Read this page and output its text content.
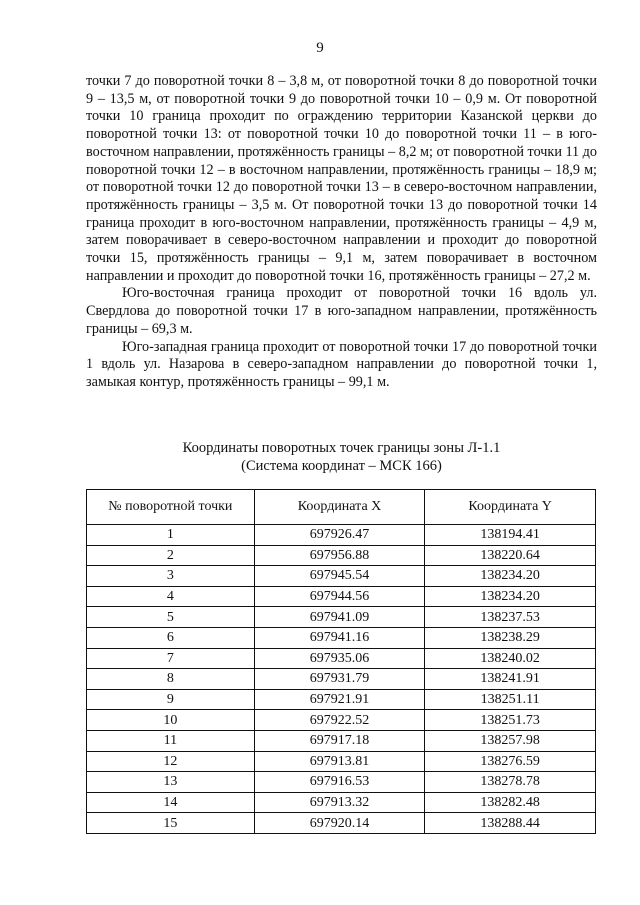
9

точки 7 до поворотной точки 8 – 3,8 м, от поворотной точки 8 до поворотной точки 9 – 13,5 м, от поворотной точки 9 до поворотной точки 10 – 0,9 м. От поворотной точки 10 граница проходит по ограждению территории Казанской церкви до поворотной точки 13: от поворотной точки 10 до поворотной точки 11 – в юго-восточном направлении, протяжённость границы – 8,2 м; от поворотной точки 11 до поворотной точки 12 – в восточном направлении, протяжённость границы – 18,9 м; от поворотной точки 12 до поворотной точки 13 – в северо-восточном направлении, протяжённость границы – 3,5 м. От поворотной точки 13 до поворотной точки 14 граница проходит в юго-восточном направлении, протяжённость границы – 4,9 м, затем поворачивает в северо-восточном направлении и проходит до поворотной точки 15, протяжённость границы – 9,1 м, затем поворачивает в восточном направлении и проходит до поворотной точки 16, протяжённость границы – 27,2 м.

Юго-восточная граница проходит от поворотной точки 16 вдоль ул. Свердлова до поворотной точки 17 в юго-западном направлении, протяжённость границы – 69,3 м.

Юго-западная граница проходит от поворотной точки 17 до поворотной точки 1 вдоль ул. Назарова в северо-западном направлении до поворотной точки 1, замыкая контур, протяжённость границы – 99,1 м.

Координаты поворотных точек границы зоны Л-1.1
(Система координат – МСК 166)
№ поворотной точки	Координата X	Координата Y
1	697926.47	138194.41
2	697956.88	138220.64
3	697945.54	138234.20
4	697944.56	138234.20
5	697941.09	138237.53
6	697941.16	138238.29
7	697935.06	138240.02
8	697931.79	138241.91
9	697921.91	138251.11
10	697922.52	138251.73
11	697917.18	138257.98
12	697913.81	138276.59
13	697916.53	138278.78
14	697913.32	138282.48
15	697920.14	138288.44
